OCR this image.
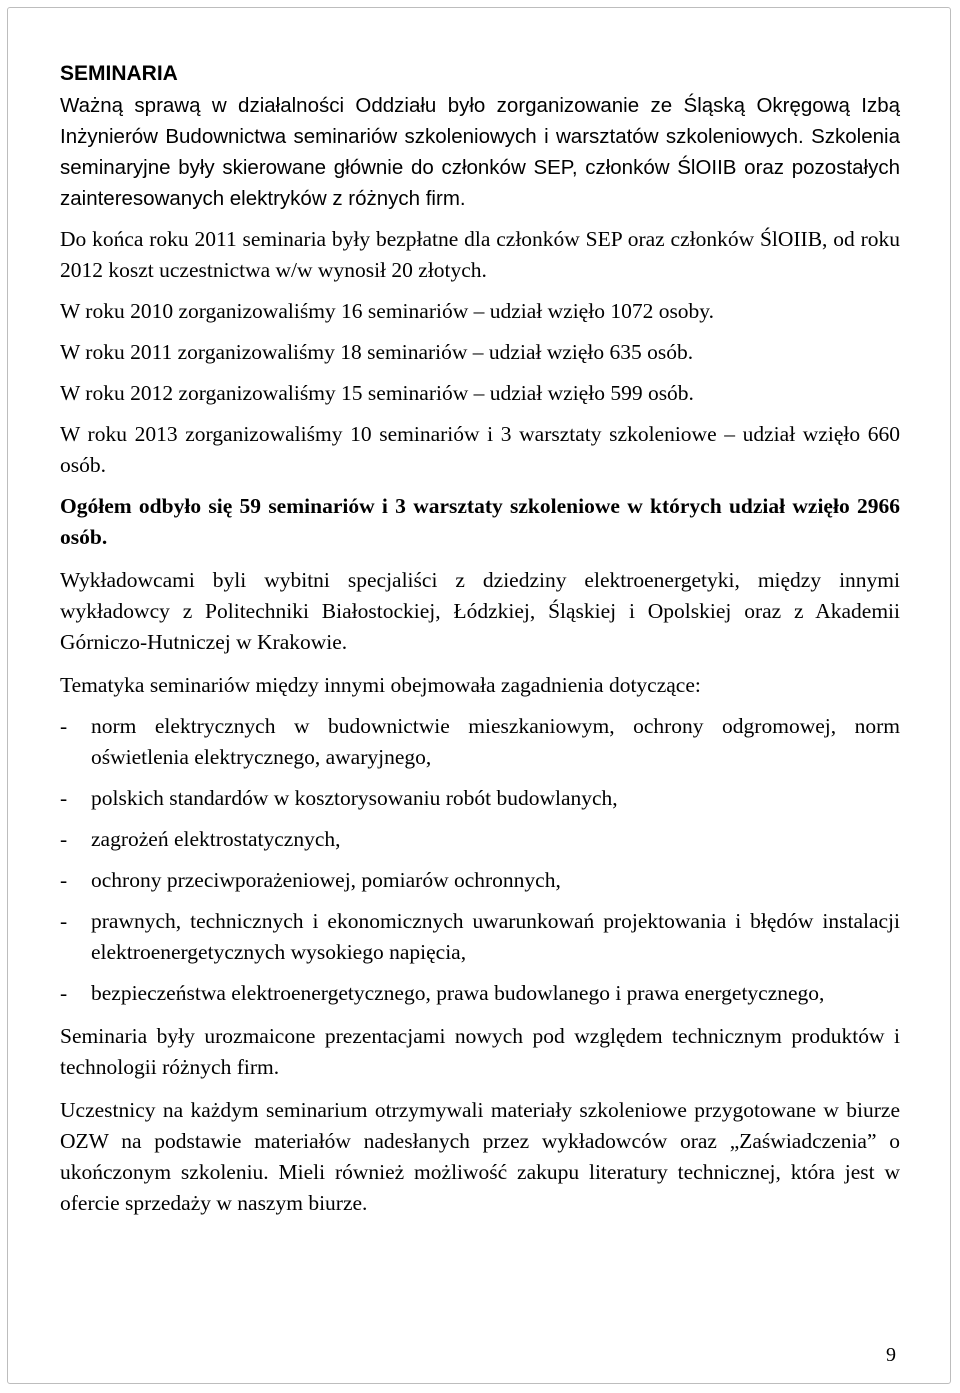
SEMINARIA

Ważną sprawą w działalności Oddziału było zorganizowanie ze Śląską Okręgową Izbą Inżynierów Budownictwa seminariów szkoleniowych i warsztatów szkoleniowych. Szkolenia seminaryjne były skierowane głównie do członków SEP, członków ŚlOIIB oraz pozostałych zainteresowanych elektryków z różnych firm.

Do końca roku 2011 seminaria były bezpłatne dla członków SEP oraz członków ŚlOIIB, od roku 2012 koszt uczestnictwa w/w wynosił 20 złotych.

W roku 2010 zorganizowaliśmy 16 seminariów – udział wzięło 1072 osoby.

W roku 2011 zorganizowaliśmy 18 seminariów – udział wzięło 635 osób.

W roku 2012 zorganizowaliśmy 15 seminariów – udział wzięło 599 osób.

W roku 2013 zorganizowaliśmy 10 seminariów i 3 warsztaty szkoleniowe – udział wzięło 660 osób.

Ogółem odbyło się 59 seminariów i 3 warsztaty szkoleniowe w których udział wzięło 2966 osób.

Wykładowcami byli wybitni specjaliści z dziedziny elektroenergetyki, między innymi wykładowcy z Politechniki Białostockiej, Łódzkiej, Śląskiej i Opolskiej oraz z Akademii Górniczo-Hutniczej w Krakowie.

Tematyka seminariów między innymi obejmowała zagadnienia dotyczące:

- norm elektrycznych w budownictwie mieszkaniowym, ochrony odgromowej, norm oświetlenia elektrycznego, awaryjnego,
- polskich standardów w kosztorysowaniu robót budowlanych,
- zagrożeń elektrostatycznych,
- ochrony przeciwporażeniowej, pomiarów ochronnych,
- prawnych, technicznych i ekonomicznych uwarunkowań projektowania i błędów instalacji elektroenergetycznych wysokiego napięcia,
- bezpieczeństwa elektroenergetycznego, prawa budowlanego i prawa energetycznego,

Seminaria były urozmaicone prezentacjami nowych pod względem technicznym produktów i technologii różnych firm.

Uczestnicy na każdym seminarium otrzymywali materiały szkoleniowe przygotowane w biurze OZW na podstawie materiałów nadesłanych przez wykładowców oraz „Zaświadczenia” o ukończonym szkoleniu. Mieli również możliwość zakupu literatury technicznej, która jest w ofercie sprzedaży w naszym biurze.

9
